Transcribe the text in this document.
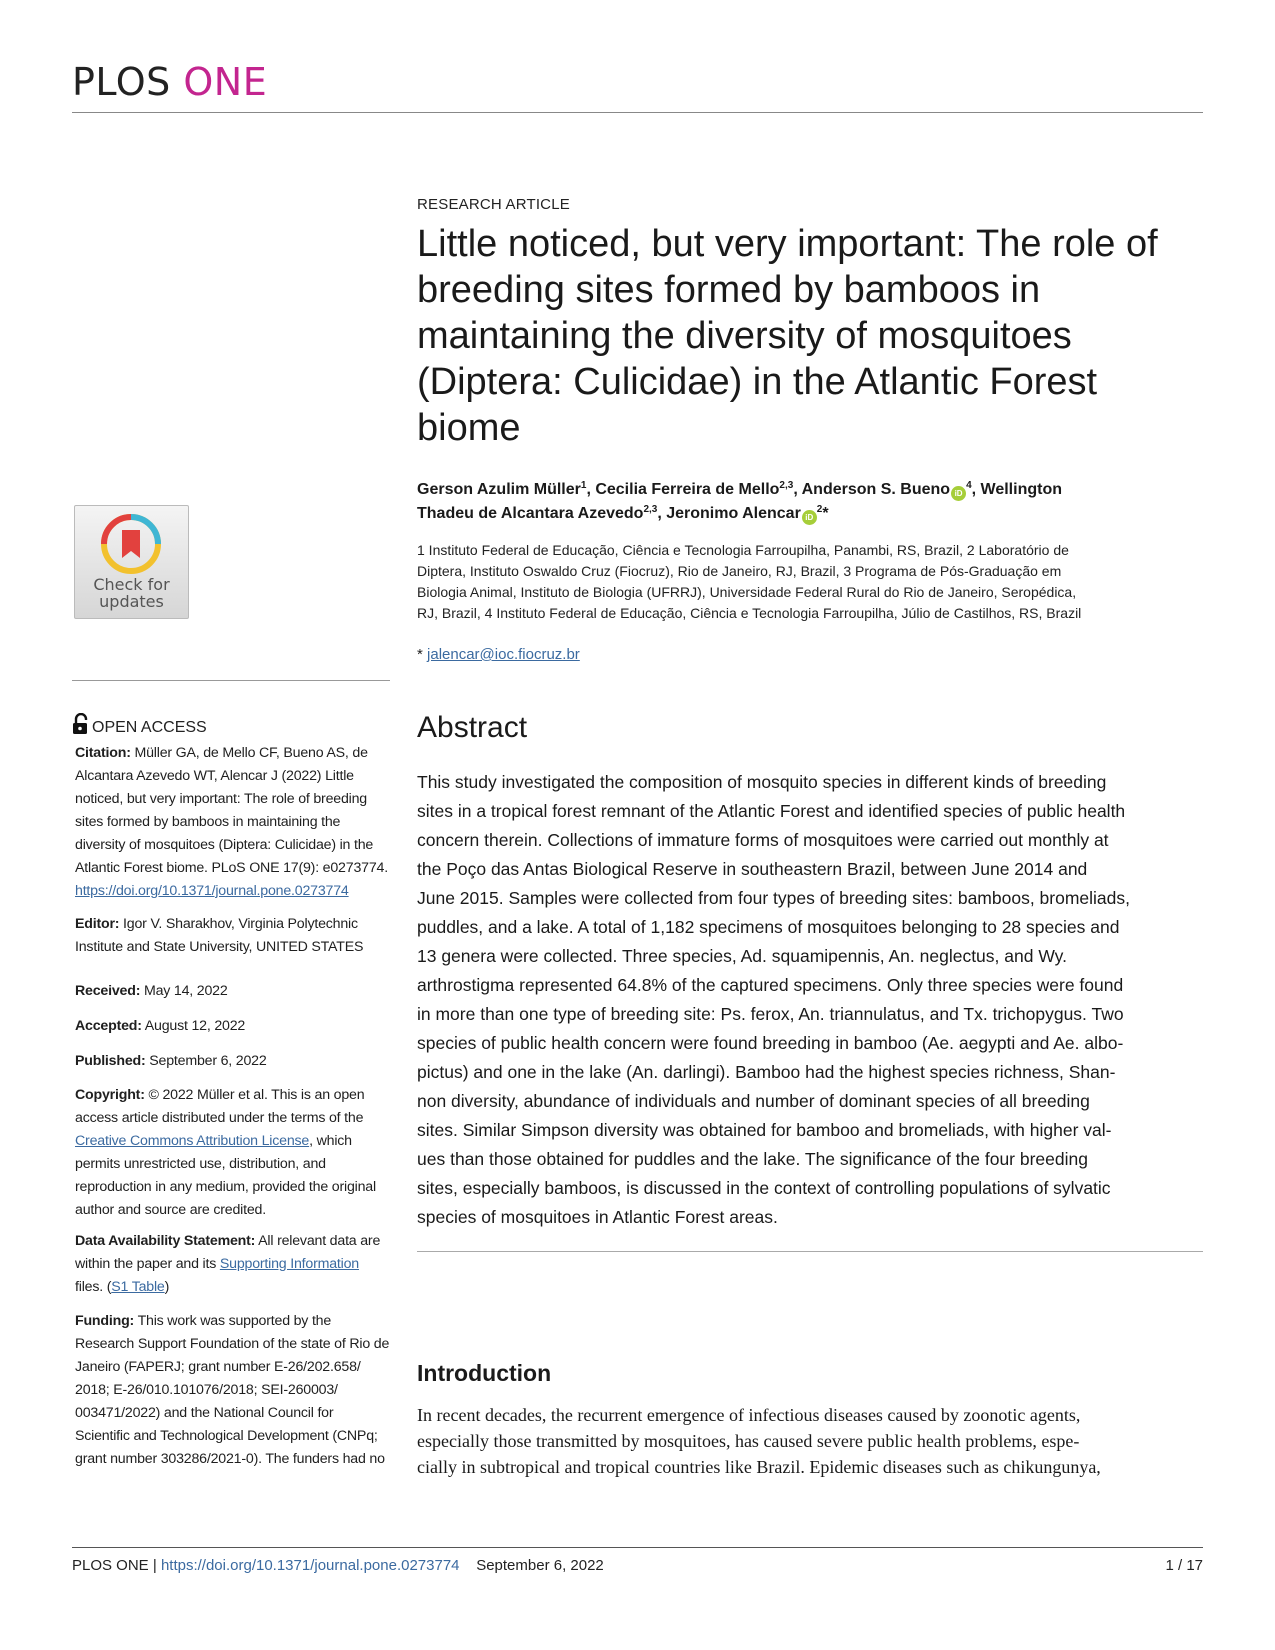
PLOS ONE
RESEARCH ARTICLE
Little noticed, but very important: The role of
breeding sites formed by bamboos in
maintaining the diversity of mosquitoes
(Diptera: Culicidae) in the Atlantic Forest
biome
Gerson Azulim Müller$^1$, Cecilia Ferreira de Mello$^{2,3}$, Anderson S. Bueno $iD^4$, Wellington
Thadeu de Alcantara Azevedo$^{2,3}$, Jeronimo Alencar $iD^2*$
1 Instituto Federal de Educação, Ciência e Tecnologia Farroupilha, Panambi, RS, Brazil, 2 Laboratório de
Diptera, Instituto Oswaldo Cruz (Fiocruz), Rio de Janeiro, RJ, Brazil, 3 Programa de Pós-Graduação em
Biologia Animal, Instituto de Biologia (UFRRJ), Universidade Federal Rural do Rio de Janeiro, Seropédica,
RJ, Brazil, 4 Instituto Federal de Educação, Ciência e Tecnologia Farroupilha, Júlio de Castilhos, RS, Brazil
* jalencar@ioc.fiocruz.br
Abstract
This study investigated the composition of mosquito species in different kinds of breeding
sites in a tropical forest remnant of the Atlantic Forest and identified species of public health
concern therein. Collections of immature forms of mosquitoes were carried out monthly at
the Poço das Antas Biological Reserve in southeastern Brazil, between June 2014 and
June 2015. Samples were collected from four types of breeding sites: bamboos, bromeliads,
puddles, and a lake. A total of 1,182 specimens of mosquitoes belonging to 28 species and
13 genera were collected. Three species, Ad. squamipennis, An. neglectus, and Wy.
arthrostigma represented 64.8% of the captured specimens. Only three species were found
in more than one type of breeding site: Ps. ferox, An. triannulatus, and Tx. trichopygus. Two
species of public health concern were found breeding in bamboo (Ae. aegypti and Ae. albo-
pictus) and one in the lake (An. darlingi). Bamboo had the highest species richness, Shan-
non diversity, abundance of individuals and number of dominant species of all breeding
sites. Similar Simpson diversity was obtained for bamboo and bromeliads, with higher val-
ues than those obtained for puddles and the lake. The significance of the four breeding
sites, especially bamboos, is discussed in the context of controlling populations of sylvatic
species of mosquitoes in Atlantic Forest areas.
Introduction
In recent decades, the recurrent emergence of infectious diseases caused by zoonotic agents,
especially those transmitted by mosquitoes, has caused severe public health problems, espe-
cially in subtropical and tropical countries like Brazil. Epidemic diseases such as chikungunya,
Check for
updates
OPEN ACCESS
Citation: Müller GA, de Mello CF, Bueno AS, de
Alcantara Azevedo WT, Alencar J (2022) Little
noticed, but very important: The role of breeding
sites formed by bamboos in maintaining the
diversity of mosquitoes (Diptera: Culicidae) in the
Atlantic Forest biome. PLoS ONE 17(9): e0273774.
https://doi.org/10.1371/journal.pone.0273774
Editor: Igor V. Sharakhov, Virginia Polytechnic
Institute and State University, UNITED STATES
Received: May 14, 2022
Accepted: August 12, 2022
Published: September 6, 2022
Copyright: © 2022 Müller et al. This is an open
access article distributed under the terms of the
Creative Commons Attribution License, which
permits unrestricted use, distribution, and
reproduction in any medium, provided the original
author and source are credited.
Data Availability Statement: All relevant data are
within the paper and its Supporting Information
files. (S1 Table)
Funding: This work was supported by the
Research Support Foundation of the state of Rio de
Janeiro (FAPERJ; grant number E-26/202.658/
2018; E-26/010.101076/2018; SEI-260003/
003471/2022) and the National Council for
Scientific and Technological Development (CNPq;
grant number 303286/2021-0). The funders had no
PLOS ONE | https://doi.org/10.1371/journal.pone.0273774 September 6, 2022	1 / 17
